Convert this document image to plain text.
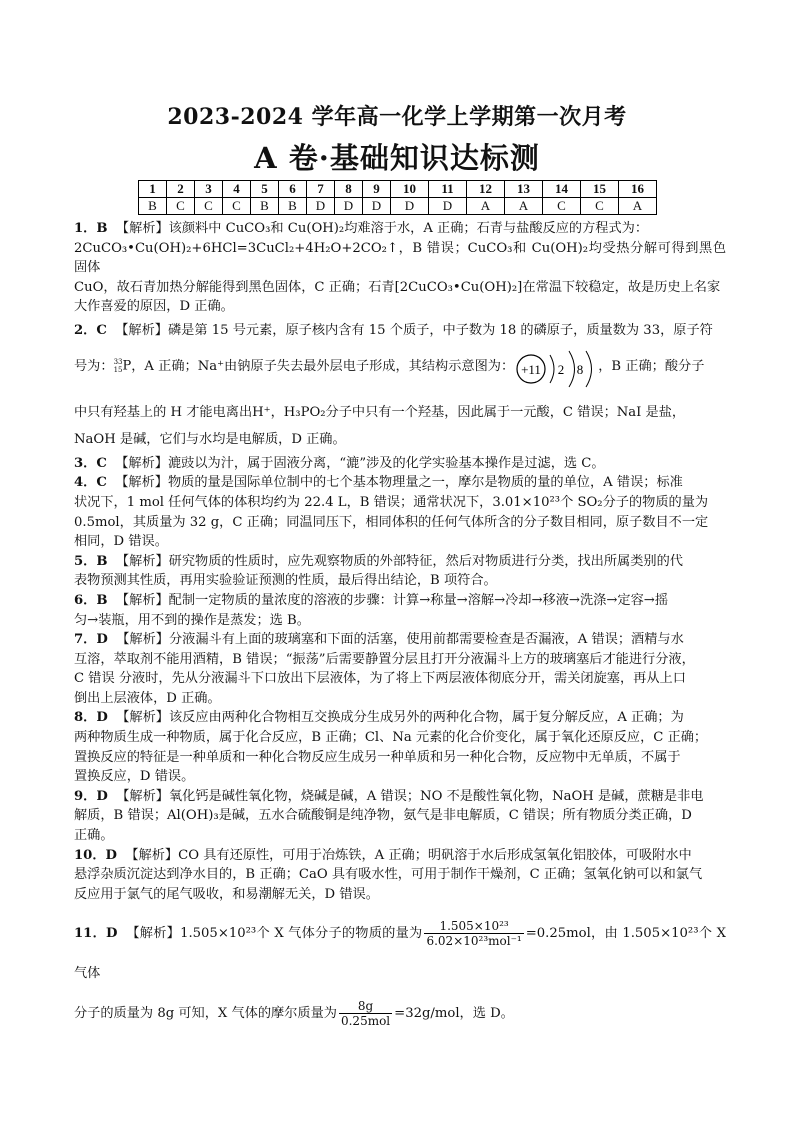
2023-2024 学年高一化学上学期第一次月考
A 卷·基础知识达标测
1	2	3	4	5	6	7	8	9	10	11	12	13	14	15	16
B	C	C	C	B	B	D	D	D	D	D	A	A	C	C	A
1．B 【解析】该颜料中 CuCO₃和 Cu(OH)₂均难溶于水，A 正确；石青与盐酸反应的方程式为：
2CuCO₃•Cu(OH)₂+6HCl=3CuCl₂+4H₂O+2CO₂↑，B 错误；CuCO₃和 Cu(OH)₂均受热分解可得到黑色固体
CuO，故石青加热分解能得到黑色固体，C 正确；石青[2CuCO₃•Cu(OH)₂]在常温下较稳定，故是历史上名家
大作喜爱的原因，D 正确。
2．C 【解析】磷是第 15 号元素，原子核内含有 15 个质子，中子数为 18 的磷原子，质量数为 33，原子符
号为：33
15P，A 正确；Na⁺由钠原子失去最外层电子形成，其结构示意图为： +11 2 8 ，B 正确；酸分子
中只有羟基上的 H 才能电离出H⁺，H₃PO₂分子中只有一个羟基，因此属于一元酸，C 错误；NaI 是盐，
NaOH 是碱，它们与水均是电解质，D 正确。
3．C 【解析】漉豉以为汁，属于固液分离，“漉”涉及的化学实验基本操作是过滤，选 C。
4．C 【解析】物质的量是国际单位制中的七个基本物理量之一，摩尔是物质的量的单位，A 错误；标准
状况下，1 mol 任何气体的体积均约为 22.4 L，B 错误；通常状况下，3.01×10²³个 SO₂分子的物质的量为
0.5mol，其质量为 32 g，C 正确；同温同压下，相同体积的任何气体所含的分子数目相同，原子数目不一定
相同，D 错误。
5．B 【解析】研究物质的性质时，应先观察物质的外部特征，然后对物质进行分类，找出所属类别的代
表物预测其性质，再用实验验证预测的性质，最后得出结论，B 项符合。
6．B 【解析】配制一定物质的量浓度的溶液的步骤：计算→称量→溶解→冷却→移液→洗涤→定容→摇
匀→装瓶，用不到的操作是蒸发；选 B。
7．D 【解析】分液漏斗有上面的玻璃塞和下面的活塞，使用前都需要检查是否漏液，A 错误；酒精与水
互溶，萃取剂不能用酒精，B 错误；“振荡”后需要静置分层且打开分液漏斗上方的玻璃塞后才能进行分液，
C 错误 分液时，先从分液漏斗下口放出下层液体，为了将上下两层液体彻底分开，需关闭旋塞，再从上口
倒出上层液体，D 正确。
8．D 【解析】该反应由两种化合物相互交换成分生成另外的两种化合物，属于复分解反应，A 正确；为
两种物质生成一种物质，属于化合反应，B 正确；Cl、Na 元素的化合价变化，属于氧化还原反应，C 正确；
置换反应的特征是一种单质和一种化合物反应生成另一种单质和另一种化合物，反应物中无单质，不属于
置换反应，D 错误。
9．D 【解析】氧化钙是碱性氧化物，烧碱是碱，A 错误；NO 不是酸性氧化物，NaOH 是碱，蔗糖是非电
解质，B 错误；Al(OH)₃是碱，五水合硫酸铜是纯净物，氨气是非电解质，C 错误；所有物质分类正确，D
正确。
10．D 【解析】CO 具有还原性，可用于冶炼铁，A 正确；明矾溶于水后形成氢氧化铝胶体，可吸附水中
悬浮杂质沉淀达到净水目的，B 正确；CaO 具有吸水性，可用于制作干燥剂，C 正确；氢氧化钠可以和氯气
反应用于氯气的尾气吸收，和易潮解无关，D 错误。
11．D 【解析】1.505×10²³个 X 气体分子的物质的量为 $\frac{\text{1.505×10²³}}{\text{6.02×10²³mol⁻¹}} =0.25mol$，由 1.505×10²³个 X 气体
分子的质量为 8g 可知，X 气体的摩尔质量为 $\frac{8g}{\text{0.25mol}} =32g/mol$，选 D。
